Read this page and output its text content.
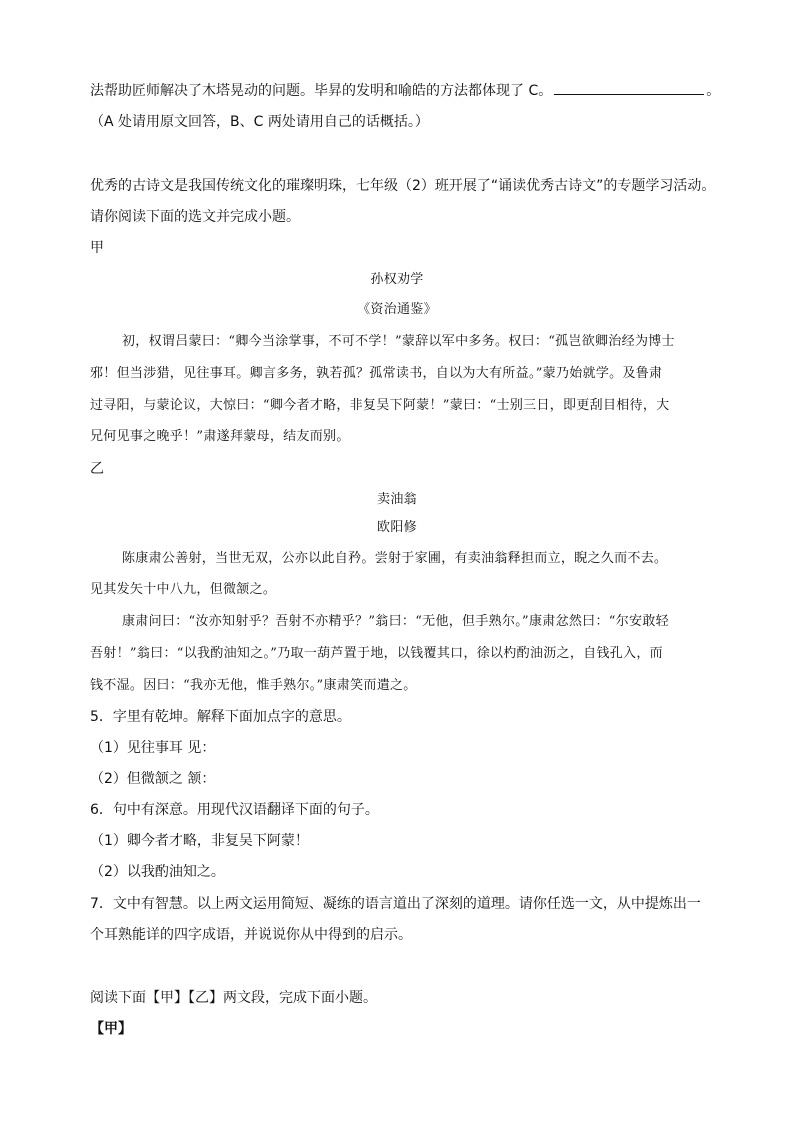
法帮助匠师解决了木塔晃动的问题。毕昇的发明和喻皓的方法都体现了 C。	。
（A 处请用原文回答，B、C 两处请用自己的话概括。）
优秀的古诗文是我国传统文化的璀璨明珠，七年级（2）班开展了“诵读优秀古诗文”的专题学习活动。
请你阅读下面的选文并完成小题。
甲
孙权劝学
《资治通鉴》
初，权谓吕蒙曰：“卿今当涂掌事，不可不学！”蒙辞以军中多务。权曰：“孤岂欲卿治经为博士
邪！但当涉猎，见往事耳。卿言多务，孰若孤？孤常读书，自以为大有所益。”蒙乃始就学。及鲁肃
过寻阳，与蒙论议，大惊曰：“卿今者才略，非复吴下阿蒙！”蒙曰：“士别三日，即更刮目相待，大
兄何见事之晚乎！”肃遂拜蒙母，结友而别。
乙
卖油翁
欧阳修
陈康肃公善射，当世无双，公亦以此自矜。尝射于家圃，有卖油翁释担而立，睨之久而不去。
见其发矢十中八九，但微颔之。
康肃问曰：“汝亦知射乎？吾射不亦精乎？”翁曰：“无他，但手熟尔。”康肃忿然曰：“尔安敢轻
吾射！”翁曰：“以我酌油知之。”乃取一葫芦置于地，以钱覆其口，徐以杓酌油沥之，自钱孔入，而
钱不湿。因曰：“我亦无他，惟手熟尔。”康肃笑而遣之。
5．字里有乾坤。解释下面加点字的意思。
（1）见往事耳 见：
（2）但微颔之 颔：
6．句中有深意。用现代汉语翻译下面的句子。
（1）卿今者才略，非复吴下阿蒙！
（2）以我酌油知之。
7．文中有智慧。以上两文运用简短、凝练的语言道出了深刻的道理。请你任选一文，从中提炼出一
个耳熟能详的四字成语，并说说你从中得到的启示。
阅读下面【甲】【乙】两文段，完成下面小题。
【甲】
